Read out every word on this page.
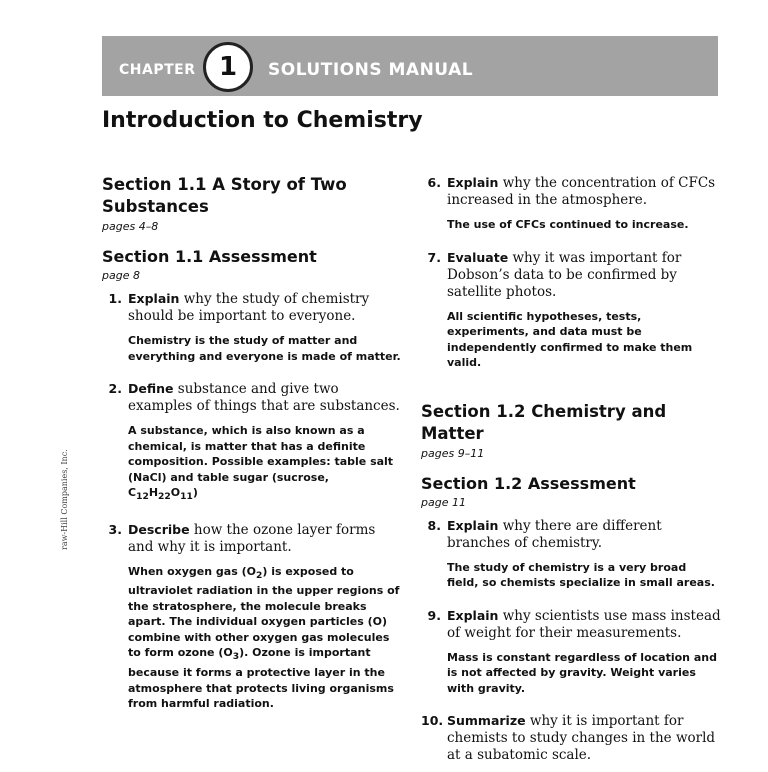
CHAPTER 1	SOLUTIONS MANUAL
Introduction to Chemistry
raw-Hill Companies, Inc.
Section 1.1 A Story of Two Substances
pages 4–8
Section 1.1 Assessment
page 8
1. Explain why the study of chemistry should be important to everyone.
Chemistry is the study of matter and everything and everyone is made of matter.
2. Define substance and give two examples of things that are substances.
A substance, which is also known as a chemical, is matter that has a definite composition. Possible examples: table salt (NaCl) and table sugar (sucrose, $C_{12}H_{22}O_{11}$)
3. Describe how the ozone layer forms and why it is important.
When oxygen gas $(O_2)$ is exposed to ultraviolet radiation in the upper regions of the stratosphere, the molecule breaks apart. The individual oxygen particles (O) combine with other oxygen gas molecules to form ozone $(O_3)$. Ozone is important because it forms a protective layer in the atmosphere that protects living organisms from harmful radiation.
6. Explain why the concentration of CFCs increased in the atmosphere.
The use of CFCs continued to increase.
7. Evaluate why it was important for Dobson’s data to be confirmed by satellite photos.
All scientific hypotheses, tests, experiments, and data must be independently confirmed to make them valid.
Section 1.2 Chemistry and Matter
pages 9–11
Section 1.2 Assessment
page 11
8. Explain why there are different branches of chemistry.
The study of chemistry is a very broad field, so chemists specialize in small areas.
9. Explain why scientists use mass instead of weight for their measurements.
Mass is constant regardless of location and is not affected by gravity. Weight varies with gravity.
10. Summarize why it is important for chemists to study changes in the world at a subatomic scale.
